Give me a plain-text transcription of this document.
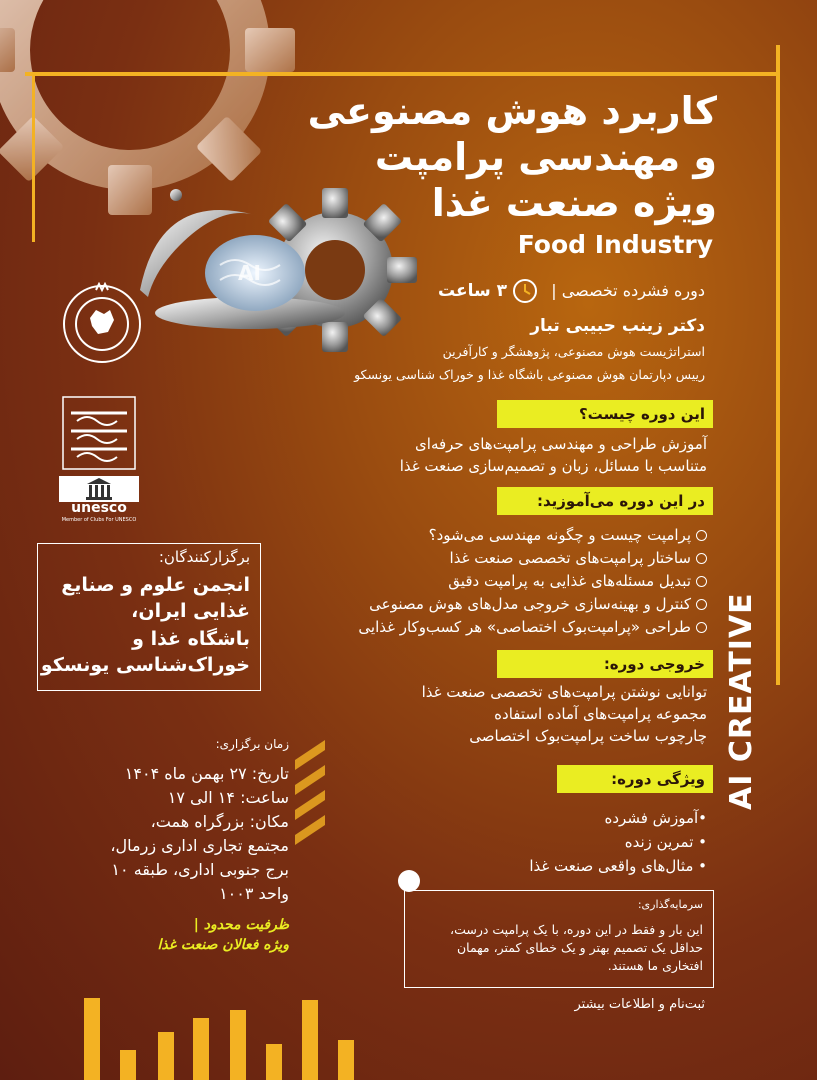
AI
کاربرد هوش مصنوعی
و مهندسی پرامپت
ویژه صنعت غذا
Food Industry
دوره فشرده تخصصی |
۳ ساعت
دکتر زینب حبیبی تبار
استراتژیست هوش مصنوعی، پژوهشگر و کارآفرین
رییس دپارتمان هوش مصنوعی باشگاه غذا و خوراک شناسی یونسکو
unesco
Member of Clubs For UNESCO
این دوره چیست؟
آموزش طراحی و مهندسی پرامپت‌های حرفه‌ای
متناسب با مسائل، زبان و تصمیم‌سازی صنعت غذا
در این دوره می‌آموزید:
پرامپت چیست و چگونه مهندسی می‌شود؟
ساختار پرامپت‌های تخصصی صنعت غذا
تبدیل مسئله‌های غذایی به پرامپت دقیق
کنترل و بهینه‌سازی خروجی مدل‌های هوش مصنوعی
طراحی «پرامپت‌بوک اختصاصی» هر کسب‌وکار غذایی
خروجی دوره:
توانایی نوشتن پرامپت‌های تخصصی صنعت غذا
مجموعه پرامپت‌های آماده استفاده
چارچوب ساخت پرامپت‌بوک اختصاصی
ویژگی دوره:
•آموزش فشرده
• تمرین زنده
• مثال‌های واقعی صنعت غذا
برگزارکنندگان:
انجمن علوم و صنایع غذایی ایران،
باشگاه غذا و خوراک‌شناسی یونسکو
زمان برگزاری:
تاریخ: ۲۷ بهمن ماه ۱۴۰۴
ساعت: ۱۴ الی ۱۷
مکان: بزرگراه همت،
مجتمع تجاری اداری زرمال،
برج جنوبی اداری، طبقه ۱۰
واحد ۱۰۰۳
ظرفیت محدود |
ویژه فعالان صنعت غذا
سرمایه‌گذاری:
این بار و فقط در این دوره، با یک پرامپت درست، حداقل یک تصمیم بهتر و یک خطای کمتر، مهمان افتخاری ما هستند.
ثبت‌نام و اطلاعات بیشتر
AI CREATIVE
